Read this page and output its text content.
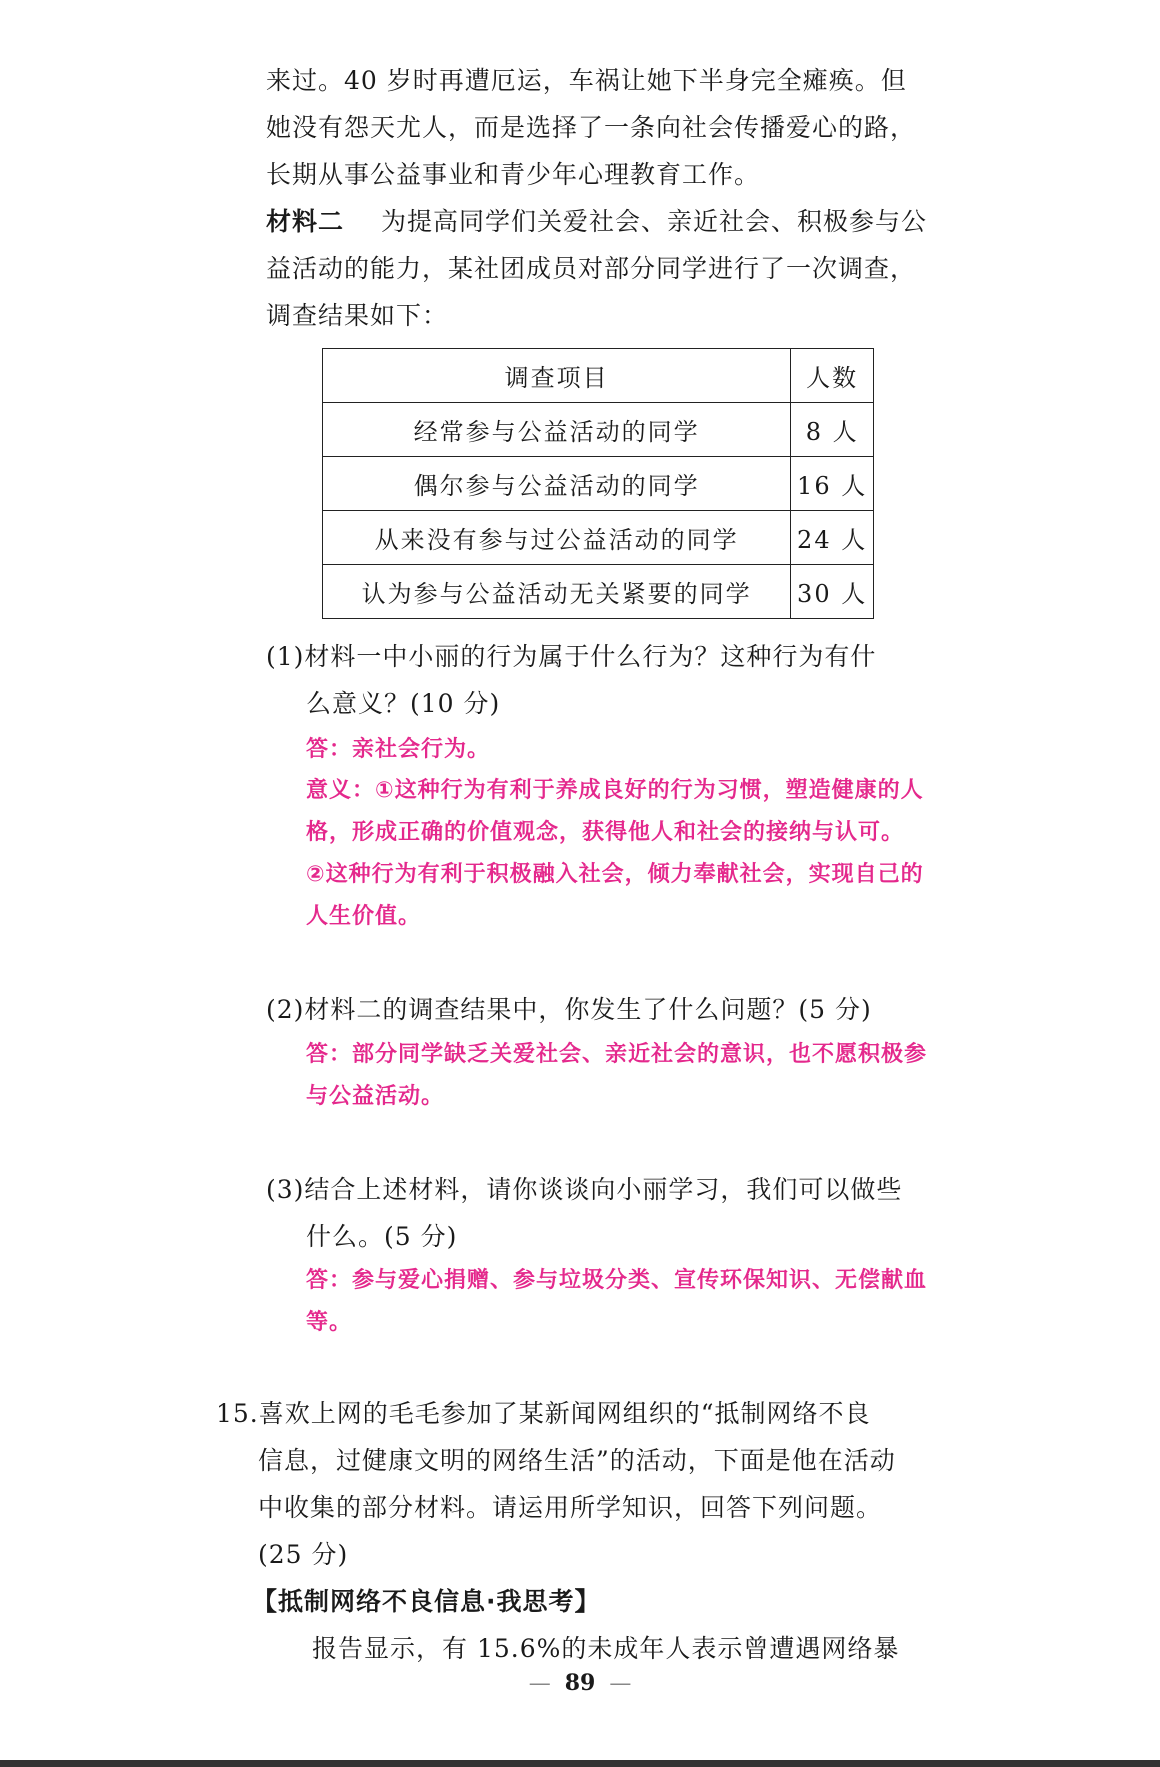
来过。40 岁时再遭厄运，车祸让她下半身完全瘫痪。但
她没有怨天尤人，而是选择了一条向社会传播爱心的路，
长期从事公益事业和青少年心理教育工作。
材料二 为提高同学们关爱社会、亲近社会、积极参与公
益活动的能力，某社团成员对部分同学进行了一次调查，
调查结果如下：
调查项目	人数
经常参与公益活动的同学	8 人
偶尔参与公益活动的同学	16 人
从来没有参与过公益活动的同学	24 人
认为参与公益活动无关紧要的同学	30 人
(1)材料一中小丽的行为属于什么行为？这种行为有什
么意义？(10 分)
答：亲社会行为。
意义：①这种行为有利于养成良好的行为习惯，塑造健康的人
格，形成正确的价值观念，获得他人和社会的接纳与认可。
②这种行为有利于积极融入社会，倾力奉献社会，实现自己的
人生价值。
(2)材料二的调查结果中，你发生了什么问题？(5 分)
答：部分同学缺乏关爱社会、亲近社会的意识，也不愿积极参
与公益活动。
(3)结合上述材料，请你谈谈向小丽学习，我们可以做些
什么。(5 分)
答：参与爱心捐赠、参与垃圾分类、宣传环保知识、无偿献血
等。
15.喜欢上网的毛毛参加了某新闻网组织的“抵制网络不良
信息，过健康文明的网络生活”的活动，下面是他在活动
中收集的部分材料。请运用所学知识，回答下列问题。
(25 分)
【抵制网络不良信息·我思考】
报告显示，有 15.6%的未成年人表示曾遭遇网络暴
— 89 —
